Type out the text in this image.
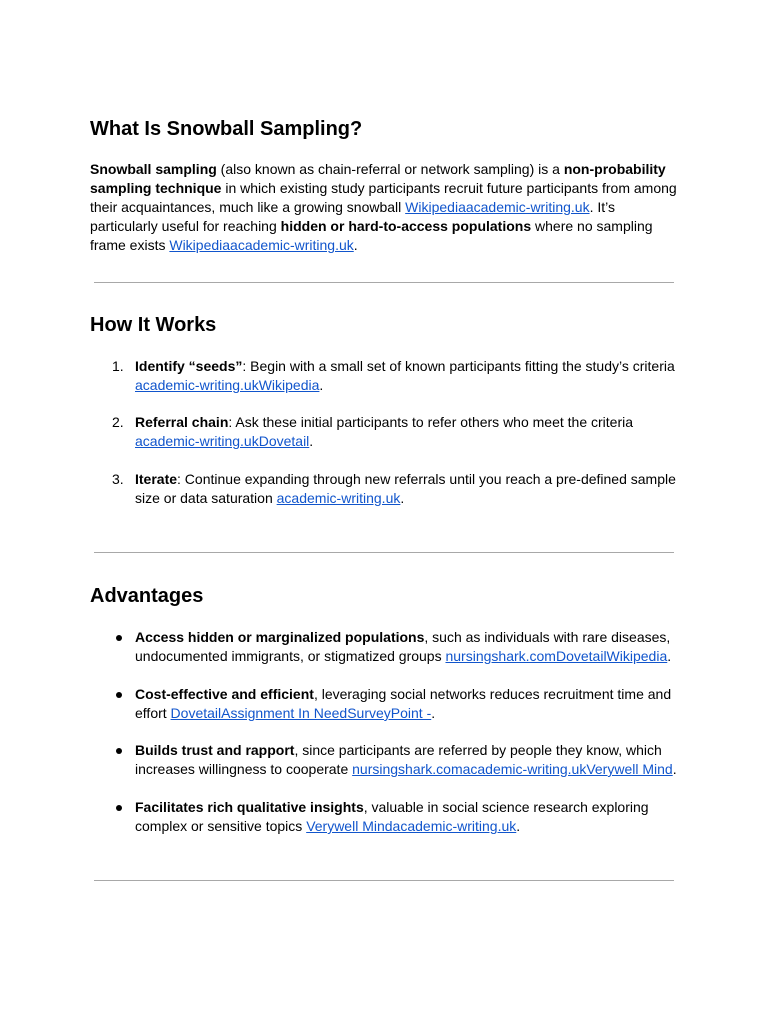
What Is Snowball Sampling?

Snowball sampling (also known as chain-referral or network sampling) is a non-probability sampling technique in which existing study participants recruit future participants from among their acquaintances, much like a growing snowball Wikipediaacademic-writing.uk. It’s particularly useful for reaching hidden or hard-to-access populations where no sampling frame exists Wikipediaacademic-writing.uk.

How It Works
1. Identify “seeds”: Begin with a small set of known participants fitting the study’s criteria academic-writing.ukWikipedia.
2. Referral chain: Ask these initial participants to refer others who meet the criteria academic-writing.ukDovetail.
3. Iterate: Continue expanding through new referrals until you reach a pre-defined sample size or data saturation academic-writing.uk.
Advantages
Access hidden or marginalized populations, such as individuals with rare diseases, undocumented immigrants, or stigmatized groups nursingshark.comDovetailWikipedia.
Cost-effective and efficient, leveraging social networks reduces recruitment time and effort DovetailAssignment In NeedSurveyPoint -.
Builds trust and rapport, since participants are referred by people they know, which increases willingness to cooperate nursingshark.comacademic-writing.ukVerywell Mind.
Facilitates rich qualitative insights, valuable in social science research exploring complex or sensitive topics Verywell Mindacademic-writing.uk.
